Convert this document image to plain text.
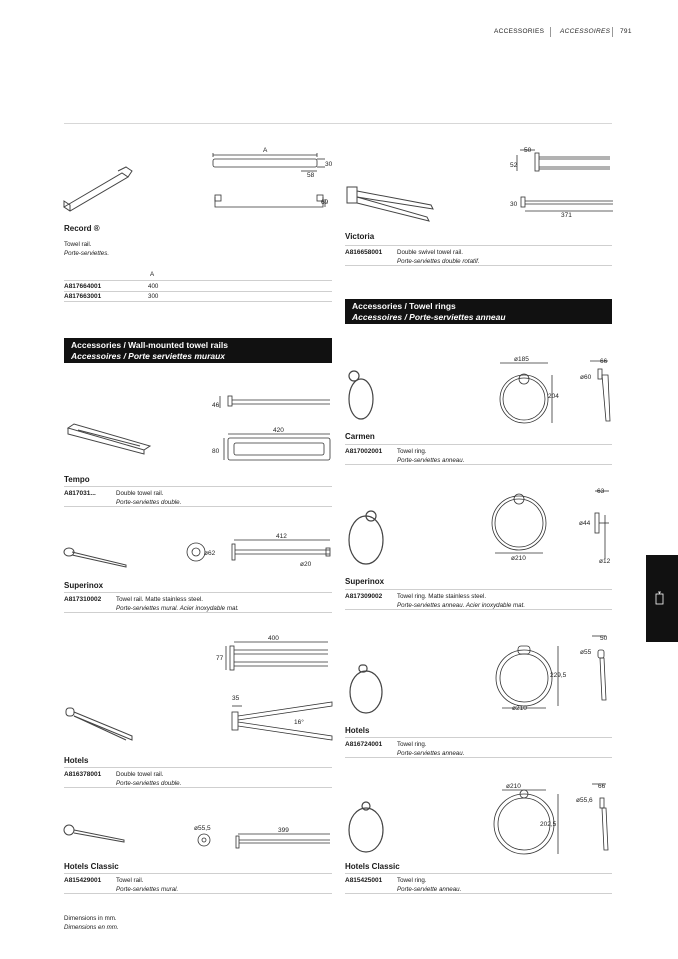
ACCESSORIES ACCESSOIRES 791
A
30
58
69
Record ®
Towel rail.
Porte-serviettes.
A
A817664001	400
A817663001	300
50
52
30
371
Victoria
A816658001 Double swivel towel rail.
Porte-serviettes double rotatif.
Accessories / Towel rings
Accessoires / Porte-serviettes anneau
Accessories / Wall-mounted towel rails
Accessoires / Porte serviettes muraux
46
420
80
Tempo
A817031...	Double towel rail.
Porte-serviettes double.
ø62
412
ø20
Superinox
A817310002 Towel rail. Matte stainless steel.
Porte-serviettes mural. Acier inoxydable mat.
400
77
35
16°
Hotels
A816378001 Double towel rail.
Porte-serviettes double.
ø55,5	399
Hotels Classic
A815429001 Towel rail.
Porte-serviettes mural.
ø185	66
ø60
204
Carmen
A817002001 Towel ring.
Porte-serviettes anneau.
63
ø44
ø210	ø12
Superinox
A817309002 Towel ring. Matte stainless steel.
Porte-serviettes anneau. Acier inoxydable mat.
50
ø55
229,5
ø210
Hotels
A816724001 Towel ring.
Porte-serviettes anneau.
ø210	66
ø55,6
202,5
Hotels Classic
A815425001 Towel ring.
Porte-serviette anneau.
Dimensions in mm.
Dimensions en mm.
